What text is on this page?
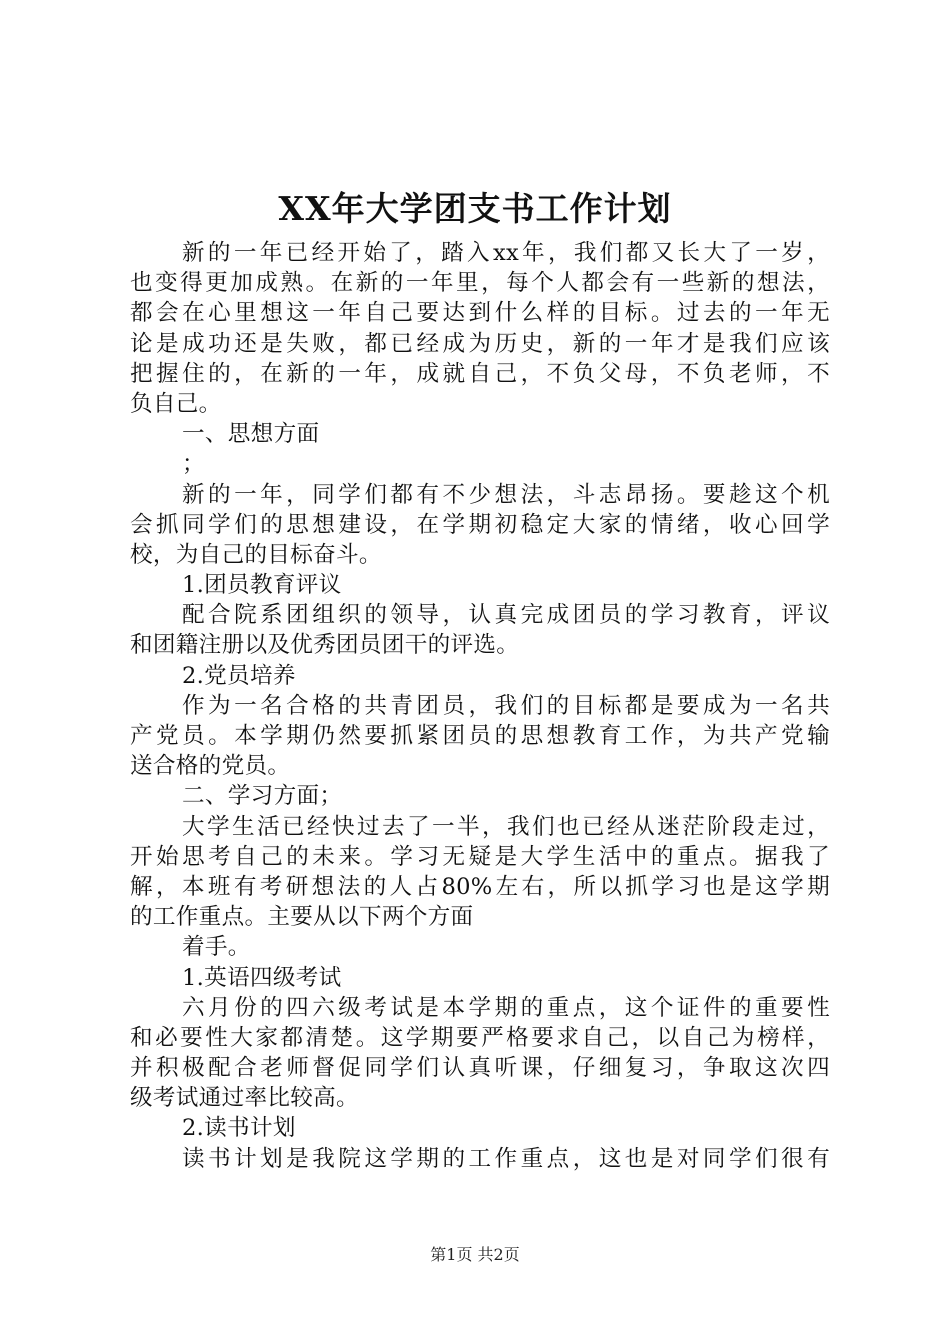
XX年大学团支书工作计划
新的一年已经开始了，踏入xx年，我们都又长大了一岁，
也变得更加成熟。在新的一年里，每个人都会有一些新的想法，
都会在心里想这一年自己要达到什么样的目标。过去的一年无
论是成功还是失败，都已经成为历史，新的一年才是我们应该
把握住的，在新的一年，成就自己，不负父母，不负老师，不
负自己。
一、思想方面
；
新的一年，同学们都有不少想法，斗志昂扬。要趁这个机
会抓同学们的思想建设，在学期初稳定大家的情绪，收心回学
校，为自己的目标奋斗。
1.团员教育评议
配合院系团组织的领导，认真完成团员的学习教育，评议
和团籍注册以及优秀团员团干的评选。
2.党员培养
作为一名合格的共青团员，我们的目标都是要成为一名共
产党员。本学期仍然要抓紧团员的思想教育工作，为共产党输
送合格的党员。
二、学习方面；
大学生活已经快过去了一半，我们也已经从迷茫阶段走过，
开始思考自己的未来。学习无疑是大学生活中的重点。据我了
解，本班有考研想法的人占80%左右，所以抓学习也是这学期
的工作重点。主要从以下两个方面
着手。
1.英语四级考试
六月份的四六级考试是本学期的重点，这个证件的重要性
和必要性大家都清楚。这学期要严格要求自己，以自己为榜样，
并积极配合老师督促同学们认真听课，仔细复习，争取这次四
级考试通过率比较高。
2.读书计划
读书计划是我院这学期的工作重点，这也是对同学们很有
第1页 共2页
